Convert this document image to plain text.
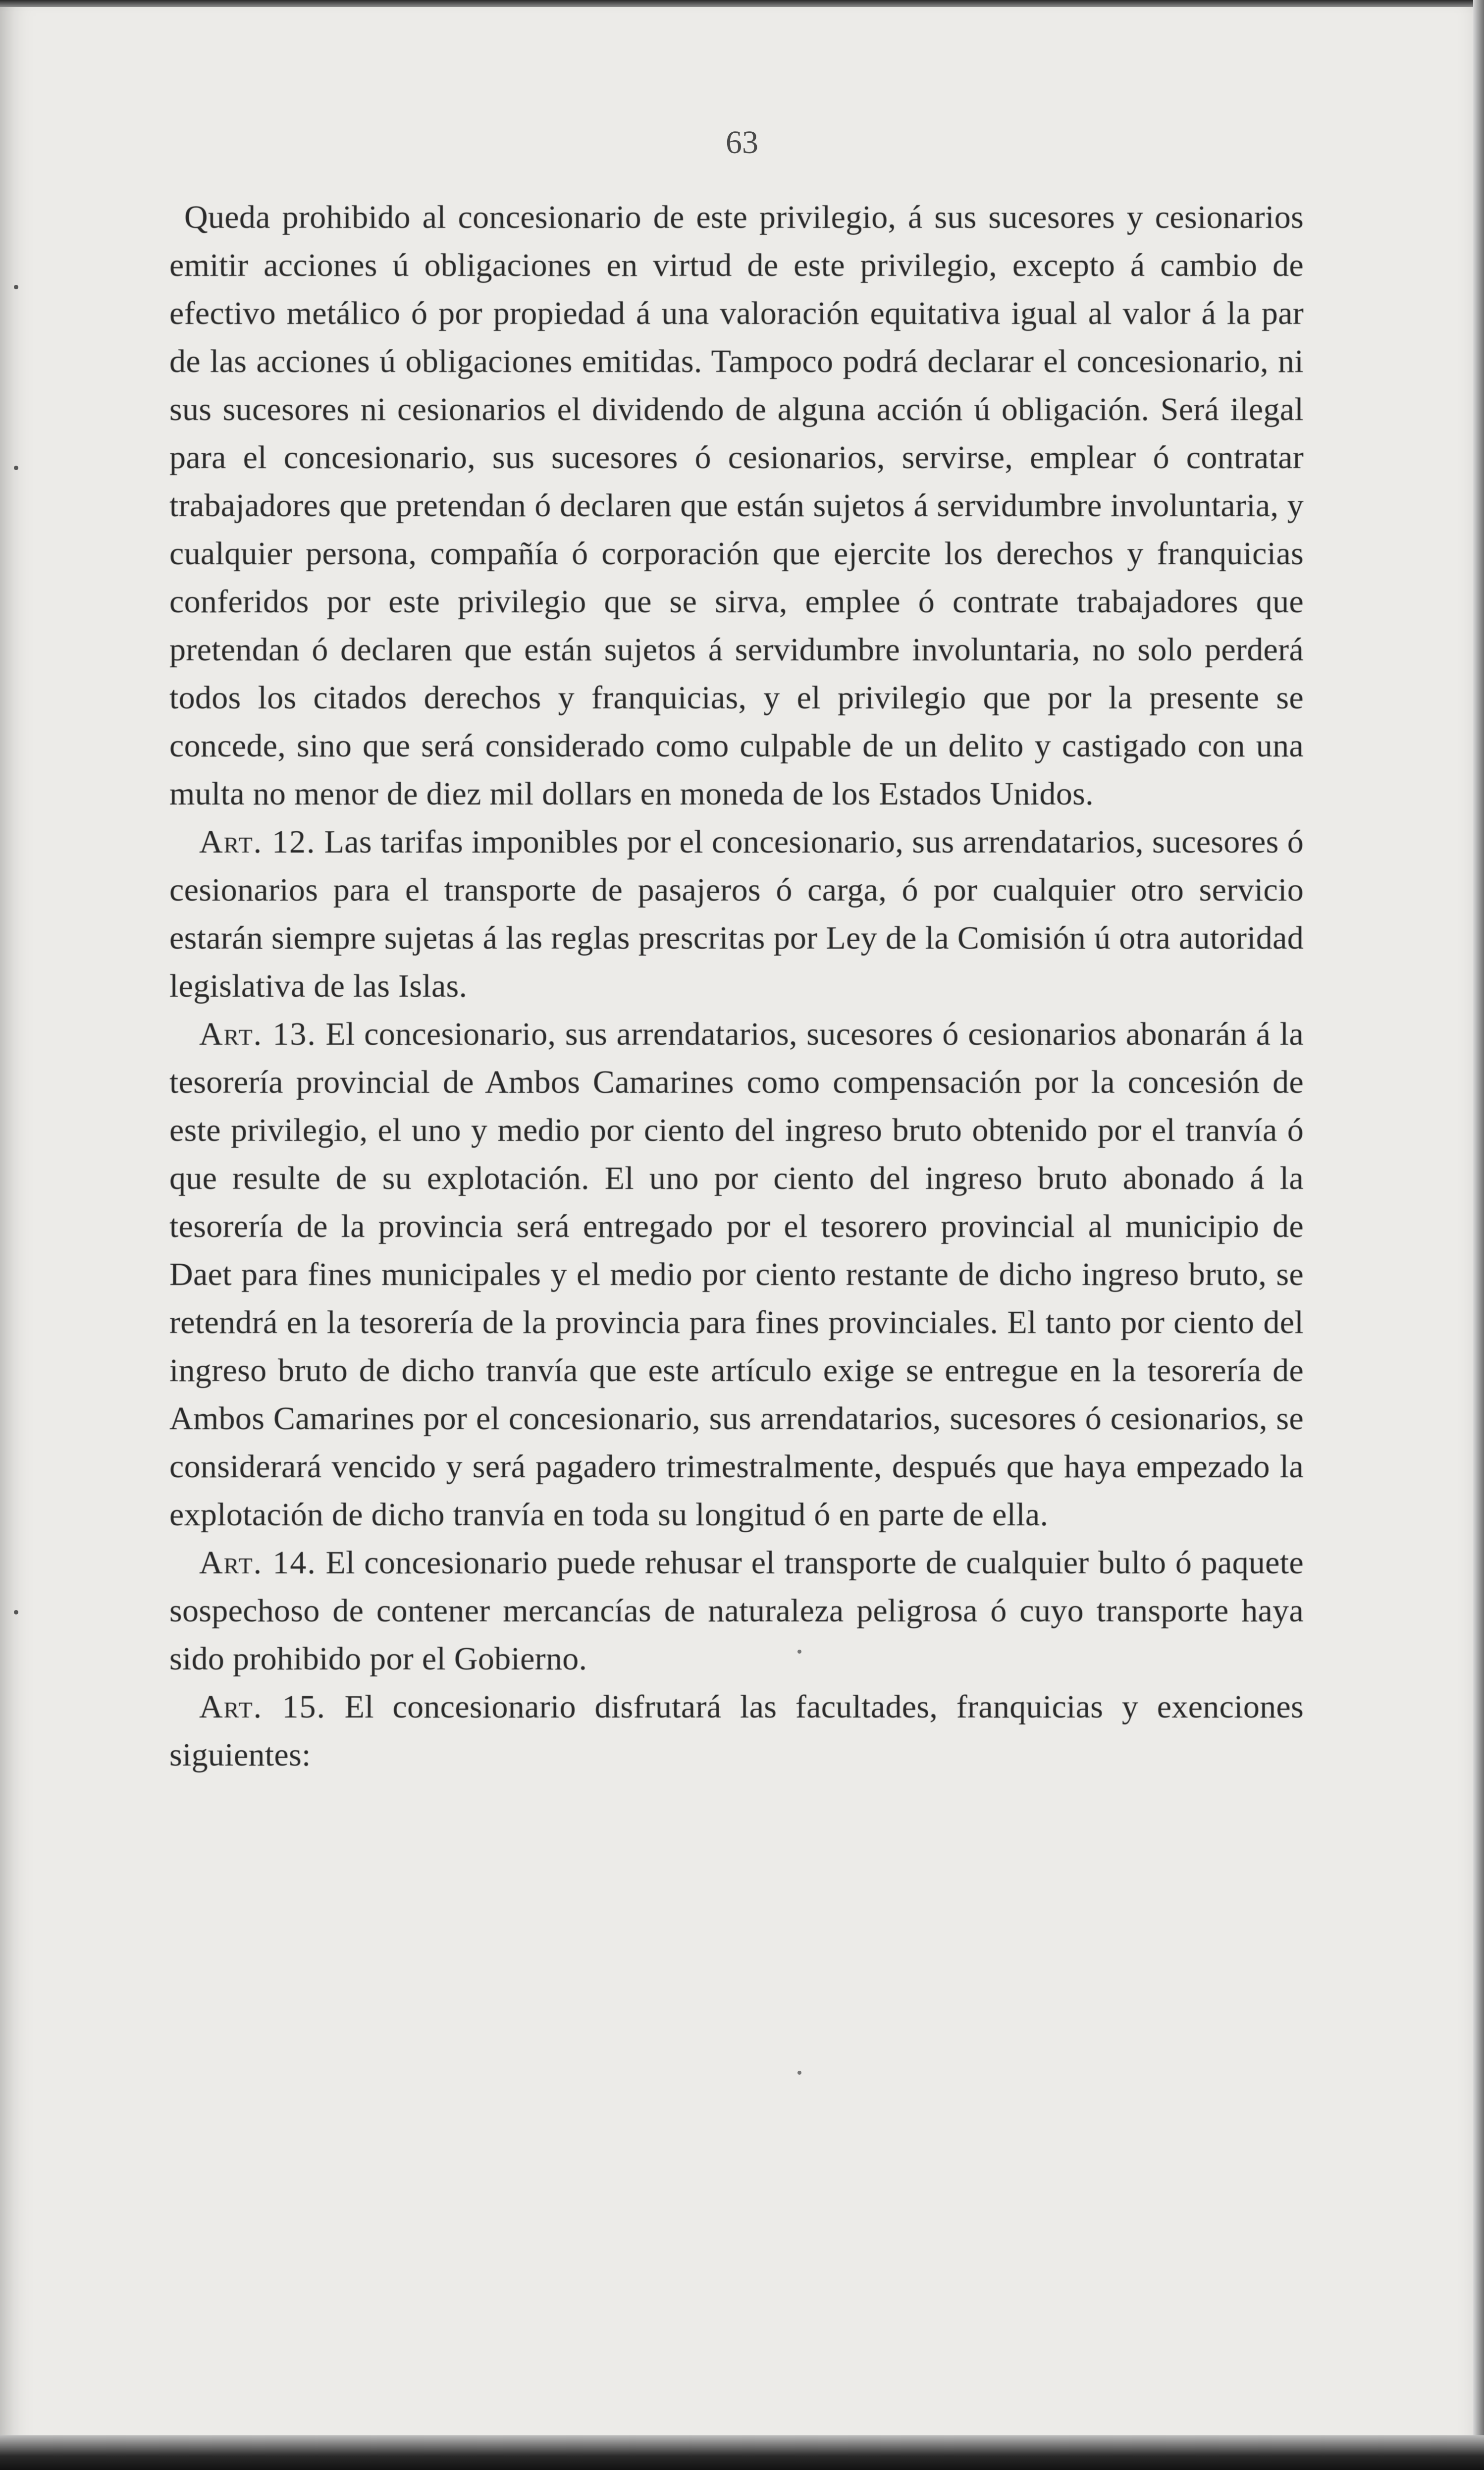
63

Queda prohibido al concesionario de este privilegio, á sus sucesores y cesionarios emitir acciones ú obligaciones en virtud de este privilegio, excepto á cambio de efectivo metálico ó por propiedad á una valoración equitativa igual al valor á la par de las acciones ú obligaciones emitidas. Tampoco podrá declarar el concesionario, ni sus sucesores ni cesionarios el dividendo de alguna acción ú obligación. Será ilegal para el concesionario, sus sucesores ó cesionarios, servirse, emplear ó contratar trabajadores que pretendan ó declaren que están sujetos á servidumbre involuntaria, y cualquier persona, compañía ó corporación que ejercite los derechos y franquicias conferidos por este privilegio que se sirva, emplee ó contrate trabajadores que pretendan ó declaren que están sujetos á servidumbre involuntaria, no solo perderá todos los citados derechos y franquicias, y el privilegio que por la presente se concede, sino que será considerado como culpable de un delito y castigado con una multa no menor de diez mil dollars en moneda de los Estados Unidos.

Art. 12. Las tarifas imponibles por el concesionario, sus arrendatarios, sucesores ó cesionarios para el transporte de pasajeros ó carga, ó por cualquier otro servicio estarán siempre sujetas á las reglas prescritas por Ley de la Comisión ú otra autoridad legislativa de las Islas.

Art. 13. El concesionario, sus arrendatarios, sucesores ó cesionarios abonarán á la tesorería provincial de Ambos Camarines como compensación por la concesión de este privilegio, el uno y medio por ciento del ingreso bruto obtenido por el tranvía ó que resulte de su explotación. El uno por ciento del ingreso bruto abonado á la tesorería de la provincia será entregado por el tesorero provincial al municipio de Daet para fines municipales y el medio por ciento restante de dicho ingreso bruto, se retendrá en la tesorería de la provincia para fines provinciales. El tanto por ciento del ingreso bruto de dicho tranvía que este artículo exige se entregue en la tesorería de Ambos Camarines por el concesionario, sus arrendatarios, sucesores ó cesionarios, se considerará vencido y será pagadero trimestralmente, después que haya empezado la explotación de dicho tranvía en toda su longitud ó en parte de ella.

Art. 14. El concesionario puede rehusar el transporte de cualquier bulto ó paquete sospechoso de contener mercancías de naturaleza peligrosa ó cuyo transporte haya sido prohibido por el Gobierno.

Art. 15. El concesionario disfrutará las facultades, franquicias y exenciones siguientes:
